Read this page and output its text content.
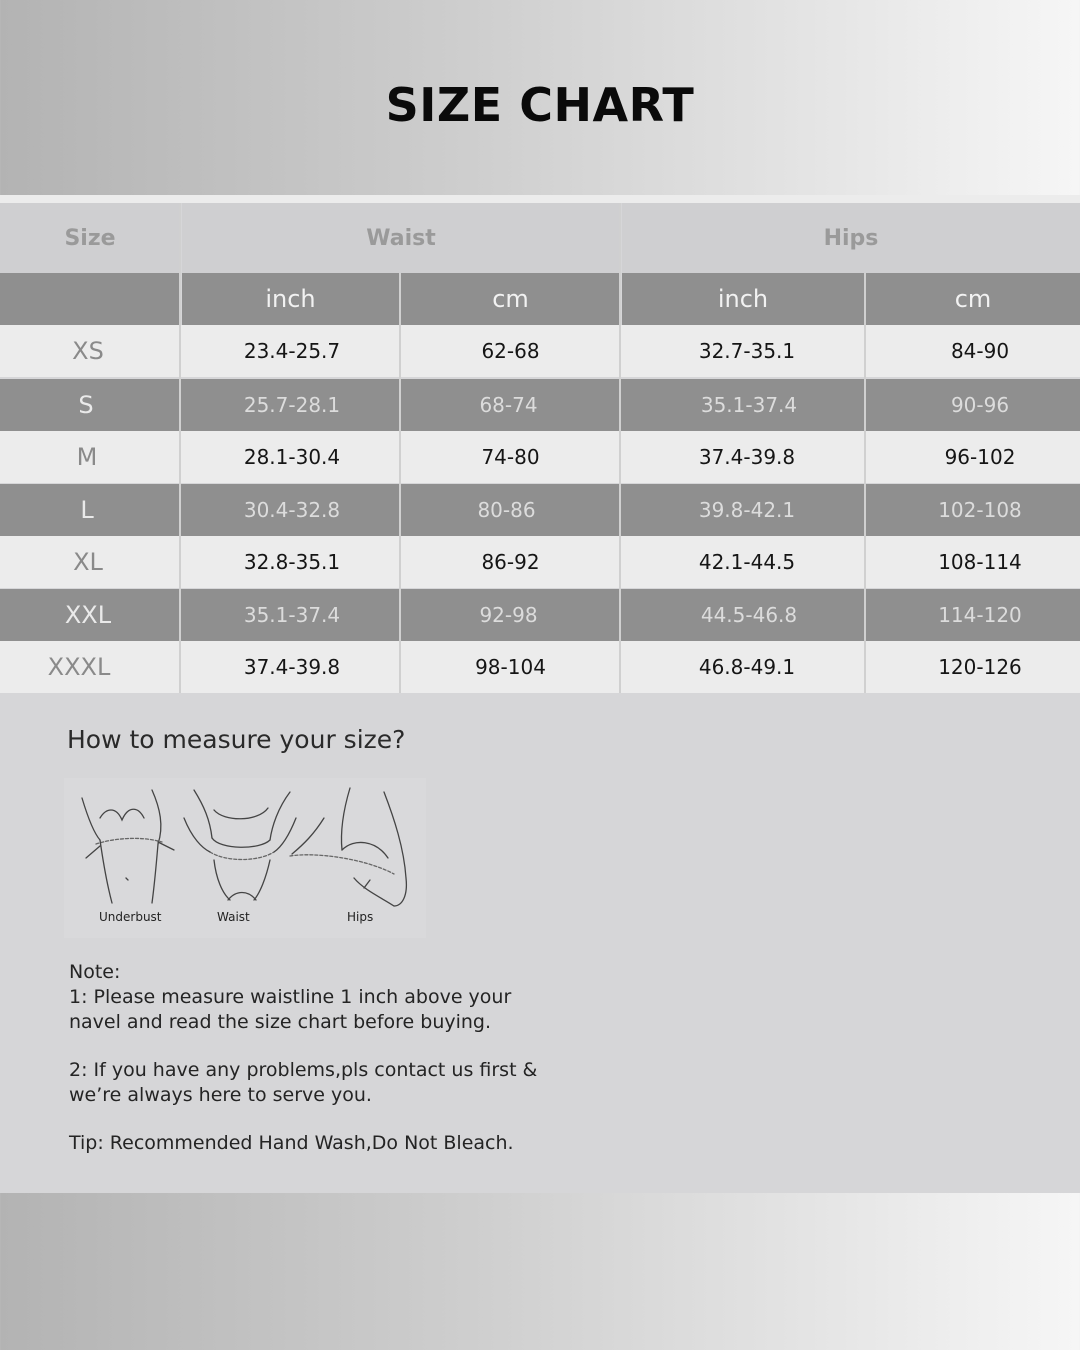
SIZE CHART
Size	Waist	Hips
inch	cm	inch	cm
XS	23.4-25.7	62-68	32.7-35.1	84-90
S	25.7-28.1	68-74	35.1-37.4	90-96
M	28.1-30.4	74-80	37.4-39.8	96-102
L	30.4-32.8	80-86	39.8-42.1	102-108
XL	32.8-35.1	86-92	42.1-44.5	108-114
XXL	35.1-37.4	92-98	44.5-46.8	114-120
XXXL	37.4-39.8	98-104	46.8-49.1	120-126
How to measure your size?
Underbust	Waist	Hips
Note:
1: Please measure waistline 1 inch above your
navel and read the size chart before buying.
2: If you have any problems,pls contact us first &
we’re always here to serve you.
Tip: Recommended Hand Wash,Do Not Bleach.
